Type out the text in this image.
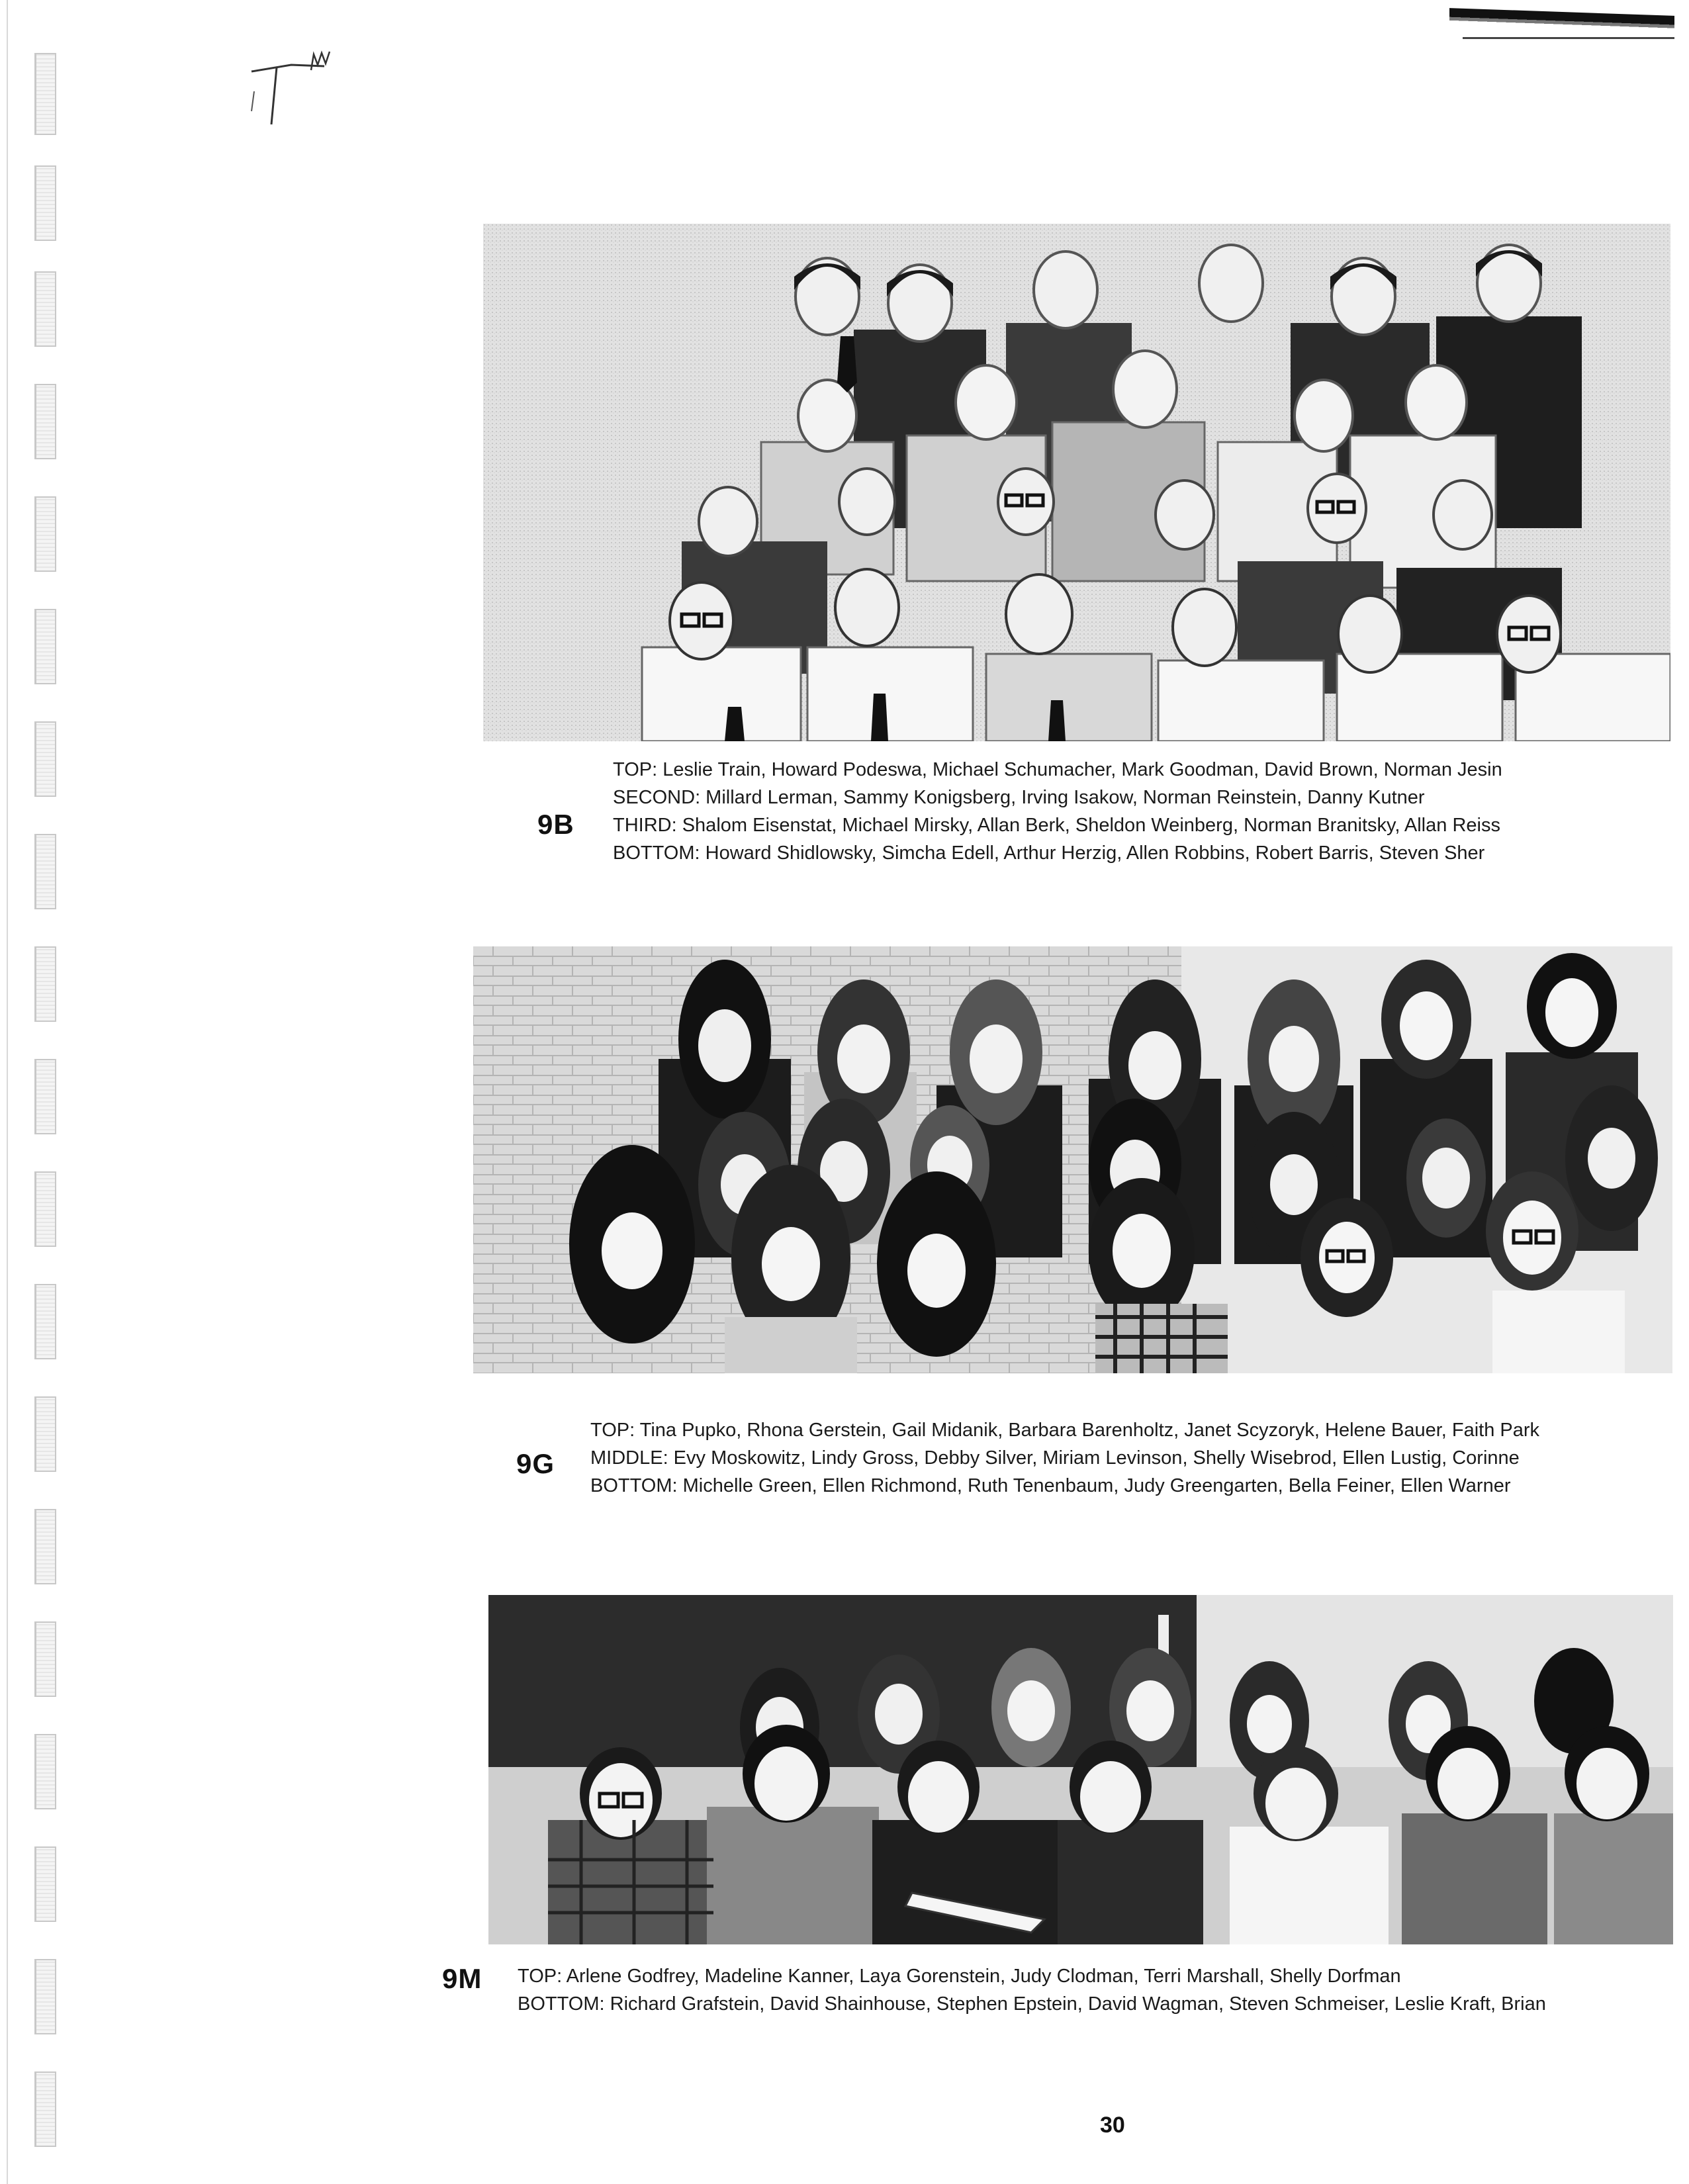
9B
TOP: Leslie Train, Howard Podeswa, Michael Schumacher, Mark Goodman, David Brown, Norman Jesin
SECOND: Millard Lerman, Sammy Konigsberg, Irving Isakow, Norman Reinstein, Danny Kutner
THIRD: Shalom Eisenstat, Michael Mirsky, Allan Berk, Sheldon Weinberg, Norman Branitsky, Allan Reiss
BOTTOM: Howard Shidlowsky, Simcha Edell, Arthur Herzig, Allen Robbins, Robert Barris, Steven Sher
9G
TOP: Tina Pupko, Rhona Gerstein, Gail Midanik, Barbara Barenholtz, Janet Scyzoryk, Helene Bauer, Faith Park
MIDDLE: Evy Moskowitz, Lindy Gross, Debby Silver, Miriam Levinson, Shelly Wisebrod, Ellen Lustig, Corinne
BOTTOM: Michelle Green, Ellen Richmond, Ruth Tenenbaum, Judy Greengarten, Bella Feiner, Ellen Warner
9M TOP: Arlene Godfrey, Madeline Kanner, Laya Gorenstein, Judy Clodman, Terri Marshall, Shelly Dorfman
BOTTOM: Richard Grafstein, David Shainhouse, Stephen Epstein, David Wagman, Steven Schmeiser, Leslie Kraft, Brian
30
